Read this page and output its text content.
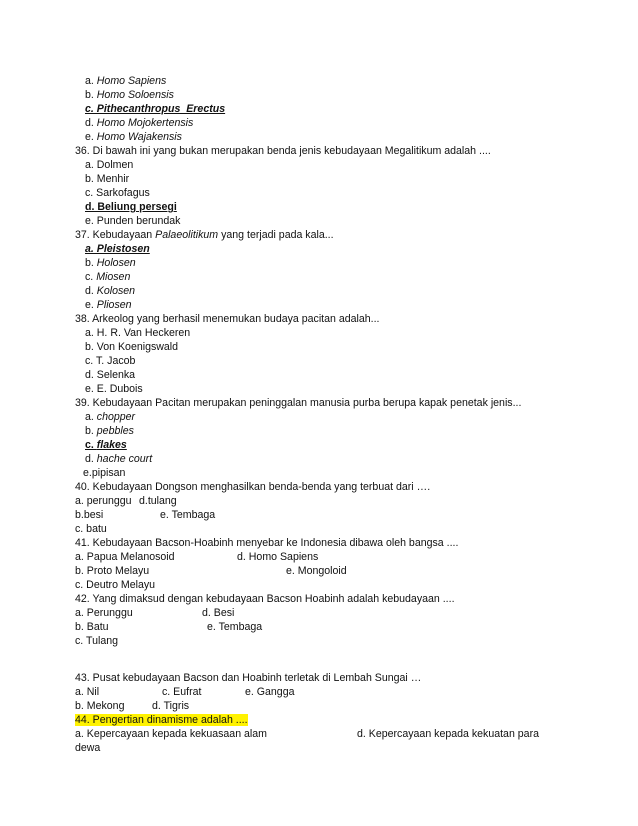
a. Homo Sapiens
b. Homo Soloensis
c. Pithecanthropus  Erectus
d. Homo Mojokertensis
e. Homo Wajakensis
36. Di bawah ini yang bukan merupakan benda jenis kebudayaan Megalitikum adalah ....
a. Dolmen
b. Menhir
c. Sarkofagus
d. Beliung persegi
e. Punden berundak
37. Kebudayaan Palaeolitikum yang terjadi pada kala...
a. Pleistosen
b. Holosen
c. Miosen
d. Kolosen
e. Pliosen
38. Arkeolog yang berhasil menemukan budaya pacitan adalah...
a. H. R. Van Heckeren
b. Von Koenigswald
c. T. Jacob
d. Selenka
e. E. Dubois
39. Kebudayaan Pacitan merupakan peninggalan manusia purba berupa kapak penetak jenis...
a. chopper
b. pebbles
c. flakes
d. hache court
e.pipisan
40. Kebudayaan Dongson menghasilkan benda-benda yang terbuat dari ….
a. perunggu d.tulang
b.besi	e. Tembaga
c. batu
41. Kebudayaan Bacson-Hoabinh menyebar ke Indonesia dibawa oleh bangsa ....
a. Papua Melanosoid	d. Homo Sapiens
b. Proto Melayu	e. Mongoloid
c. Deutro Melayu
42. Yang dimaksud dengan kebudayaan Bacson Hoabinh adalah kebudayaan ....
a. Perunggu	d. Besi
b. Batu	e. Tembaga
c. Tulang
43. Pusat kebudayaan Bacson dan Hoabinh terletak di Lembah Sungai …
a. Nil	c. Eufrat	e. Gangga
b. Mekong	d. Tigris
44. Pengertian dinamisme adalah ....
a. Kepercayaan kepada kekuasaan alam	d. Kepercayaan kepada kekuatan para
dewa
